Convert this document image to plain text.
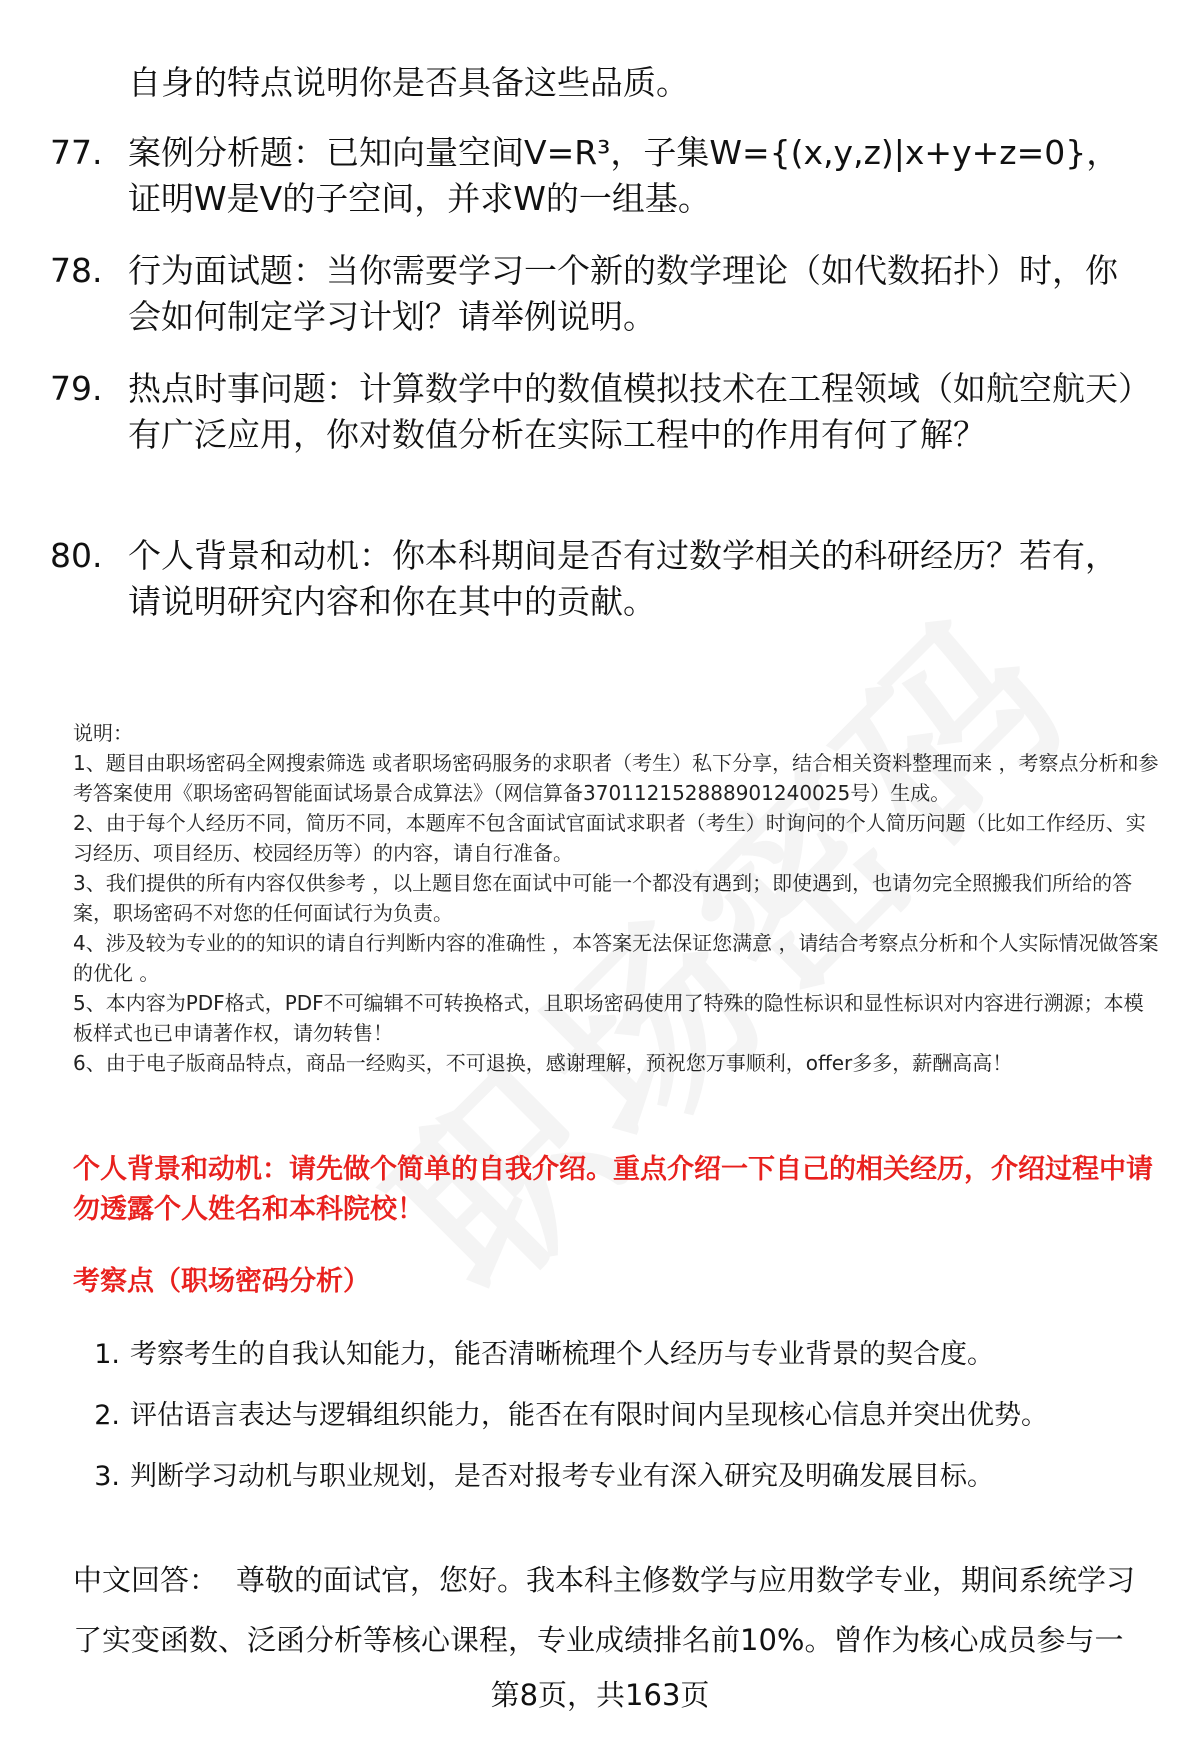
自身的特点说明你是否具备这些品质。
77. 案例分析题：已知向量空间V=R³，子集W={(x,y,z)|x+y+z=0}，证明W是V的子空间，并求W的一组基。
78. 行为面试题：当你需要学习一个新的数学理论（如代数拓扑）时，你会如何制定学习计划？请举例说明。
79. 热点时事问题：计算数学中的数值模拟技术在工程领域（如航空航天）有广泛应用，你对数值分析在实际工程中的作用有何了解？
80. 个人背景和动机：你本科期间是否有过数学相关的科研经历？若有，请说明研究内容和你在其中的贡献。

说明：

1、题目由职场密码全网搜索筛选 或者职场密码服务的求职者（考生）私下分享，结合相关资料整理而来 ，考察点分析和参考答案使用《职场密码智能面试场景合成算法》（网信算备370112152888901240025号）生成。

2、由于每个人经历不同，简历不同，本题库不包含面试官面试求职者（考生）时询问的个人简历问题（比如工作经历、实习经历、项目经历、校园经历等）的内容，请自行准备。

3、我们提供的所有内容仅供参考 ，以上题目您在面试中可能一个都没有遇到；即使遇到，也请勿完全照搬我们所给的答案，职场密码不对您的任何面试行为负责。

4、涉及较为专业的的知识的请自行判断内容的准确性 ，本答案无法保证您满意 ，请结合考察点分析和个人实际情况做答案的优化 。

5、本内容为PDF格式，PDF不可编辑不可转换格式，且职场密码使用了特殊的隐性标识和显性标识对内容进行溯源；本模板样式也已申请著作权，请勿转售！

6、由于电子版商品特点，商品一经购买，不可退换，感谢理解，预祝您万事顺利，offer多多，薪酬高高！

个人背景和动机：请先做个简单的自我介绍。重点介绍一下自己的相关经历，介绍过程中请勿透露个人姓名和本科院校！
考察点（职场密码分析）
1. 考察考生的自我认知能力，能否清晰梳理个人经历与专业背景的契合度。
2. 评估语言表达与逻辑组织能力，能否在有限时间内呈现核心信息并突出优势。
3. 判断学习动机与职业规划，是否对报考专业有深入研究及明确发展目标。
中文回答： 尊敬的面试官，您好。我本科主修数学与应用数学专业，期间系统学习了实变函数、泛函分析等核心课程，专业成绩排名前10%。曾作为核心成员参与一
第8页，共163页
